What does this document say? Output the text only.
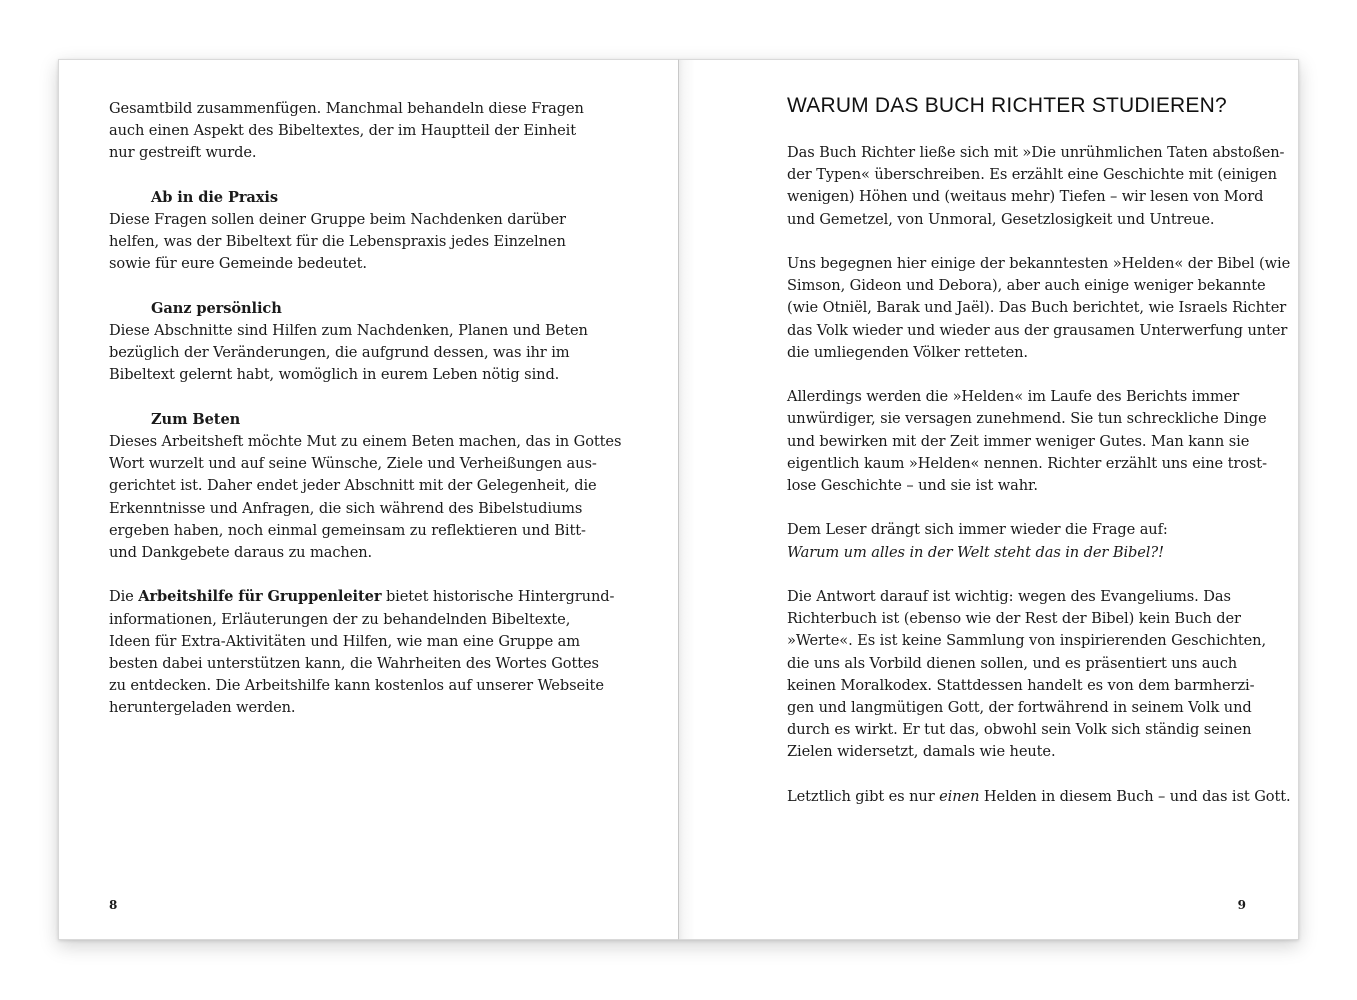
Gesamtbild zusammenfügen. Manchmal behandeln diese Fragen
auch einen Aspekt des Bibeltextes, der im Hauptteil der Einheit
nur gestreift wurde.

Ab in die Praxis
Diese Fragen sollen deiner Gruppe beim Nachdenken darüber
helfen, was der Bibeltext für die Lebenspraxis jedes Einzelnen
sowie für eure Gemeinde bedeutet.

Ganz persönlich
Diese Abschnitte sind Hilfen zum Nachdenken, Planen und Beten
bezüglich der Veränderungen, die aufgrund dessen, was ihr im
Bibeltext gelernt habt, womöglich in eurem Leben nötig sind.

Zum Beten
Dieses Arbeitsheft möchte Mut zu einem Beten machen, das in Gottes
Wort wurzelt und auf seine Wünsche, Ziele und Verheißungen aus-
gerichtet ist. Daher endet jeder Abschnitt mit der Gelegenheit, die
Erkenntnisse und Anfragen, die sich während des Bibelstudiums
ergeben haben, noch einmal gemeinsam zu reflektieren und Bitt-
und Dankgebete daraus zu machen.

Die Arbeitshilfe für Gruppenleiter bietet historische Hintergrund-
informationen, Erläuterungen der zu behandelnden Bibeltexte,
Ideen für Extra-Aktivitäten und Hilfen, wie man eine Gruppe am
besten dabei unterstützen kann, die Wahrheiten des Wortes Gottes
zu entdecken. Die Arbeitshilfe kann kostenlos auf unserer Webseite
heruntergeladen werden.

8
WARUM DAS BUCH RICHTER STUDIEREN?

Das Buch Richter ließe sich mit »Die unrühmlichen Taten abstoßen-
der Typen« überschreiben. Es erzählt eine Geschichte mit (einigen
wenigen) Höhen und (weitaus mehr) Tiefen – wir lesen von Mord
und Gemetzel, von Unmoral, Gesetzlosigkeit und Untreue.

Uns begegnen hier einige der bekanntesten »Helden« der Bibel (wie
Simson, Gideon und Debora), aber auch einige weniger bekannte
(wie Otniël, Barak und Jaël). Das Buch berichtet, wie Israels Richter
das Volk wieder und wieder aus der grausamen Unterwerfung unter
die umliegenden Völker retteten.

Allerdings werden die »Helden« im Laufe des Berichts immer
unwürdiger, sie versagen zunehmend. Sie tun schreckliche Dinge
und bewirken mit der Zeit immer weniger Gutes. Man kann sie
eigentlich kaum »Helden« nennen. Richter erzählt uns eine trost-
lose Geschichte – und sie ist wahr.

Dem Leser drängt sich immer wieder die Frage auf:
Warum um alles in der Welt steht das in der Bibel?!

Die Antwort darauf ist wichtig: wegen des Evangeliums. Das
Richterbuch ist (ebenso wie der Rest der Bibel) kein Buch der
»Werte«. Es ist keine Sammlung von inspirierenden Geschichten,
die uns als Vorbild dienen sollen, und es präsentiert uns auch
keinen Moralkodex. Stattdessen handelt es von dem barmherzi-
gen und langmütigen Gott, der fortwährend in seinem Volk und
durch es wirkt. Er tut das, obwohl sein Volk sich ständig seinen
Zielen widersetzt, damals wie heute.

Letztlich gibt es nur einen Helden in diesem Buch – und das ist Gott.

9
